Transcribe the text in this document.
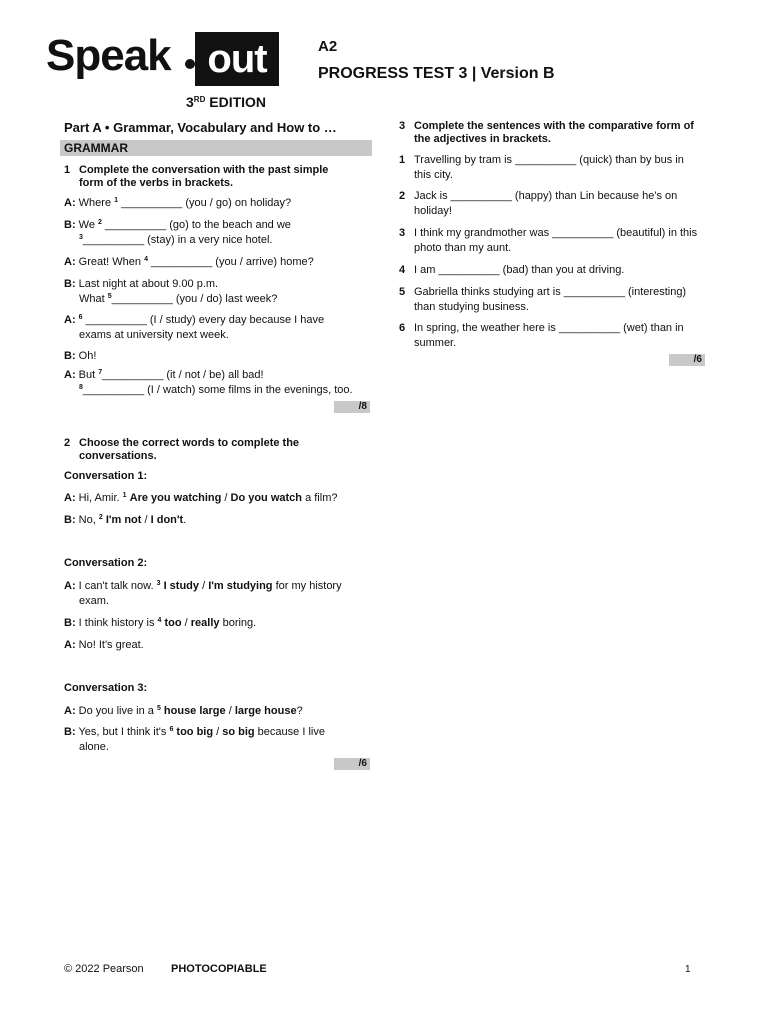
Speak out
3RD EDITION
A2
PROGRESS TEST 3 | Version B
Part A • Grammar, Vocabulary and How to …
GRAMMAR
1 Complete the conversation with the past simple form of the verbs in brackets.
A: Where $^1$ __________ (you / go) on holiday?
B: We $^2$ __________ (go) to the beach and we
$^3$__________ (stay) in a very nice hotel.
A: Great! When $^4$ __________ (you / arrive) home?
B: Last night at about 9.00 p.m.
What $^5$__________ (you / do) last week?
A: $^6$ __________ (I / study) every day because I have
exams at university next week.
B: Oh!
A: But $^7$__________ (it / not / be) all bad!
$^8$__________ (I / watch) some films in the evenings, too.
/8
2 Choose the correct words to complete the conversations.
Conversation 1:
A: Hi, Amir. $^1$ Are you watching / Do you watch a film?
B: No, $^2$ I'm not / I don't.
Conversation 2:
A: I can't talk now. $^3$ I study / I'm studying for my history
exam.
B: I think history is $^4$ too / really boring.
A: No! It's great.
Conversation 3:
A: Do you live in a $^5$ house large / large house?
B: Yes, but I think it's $^6$ too big / so big because I live
alone.
/6
3 Complete the sentences with the comparative form of the adjectives in brackets.
1 Travelling by tram is __________ (quick) than by bus in this city.
2 Jack is __________ (happy) than Lin because he's on holiday!
3 I think my grandmother was __________ (beautiful) in this photo than my aunt.
4 I am __________ (bad) than you at driving.
5 Gabriella thinks studying art is __________ (interesting) than studying business.
6 In spring, the weather here is __________ (wet) than in summer.
/6
© 2022 Pearson PHOTOCOPIABLE	1
